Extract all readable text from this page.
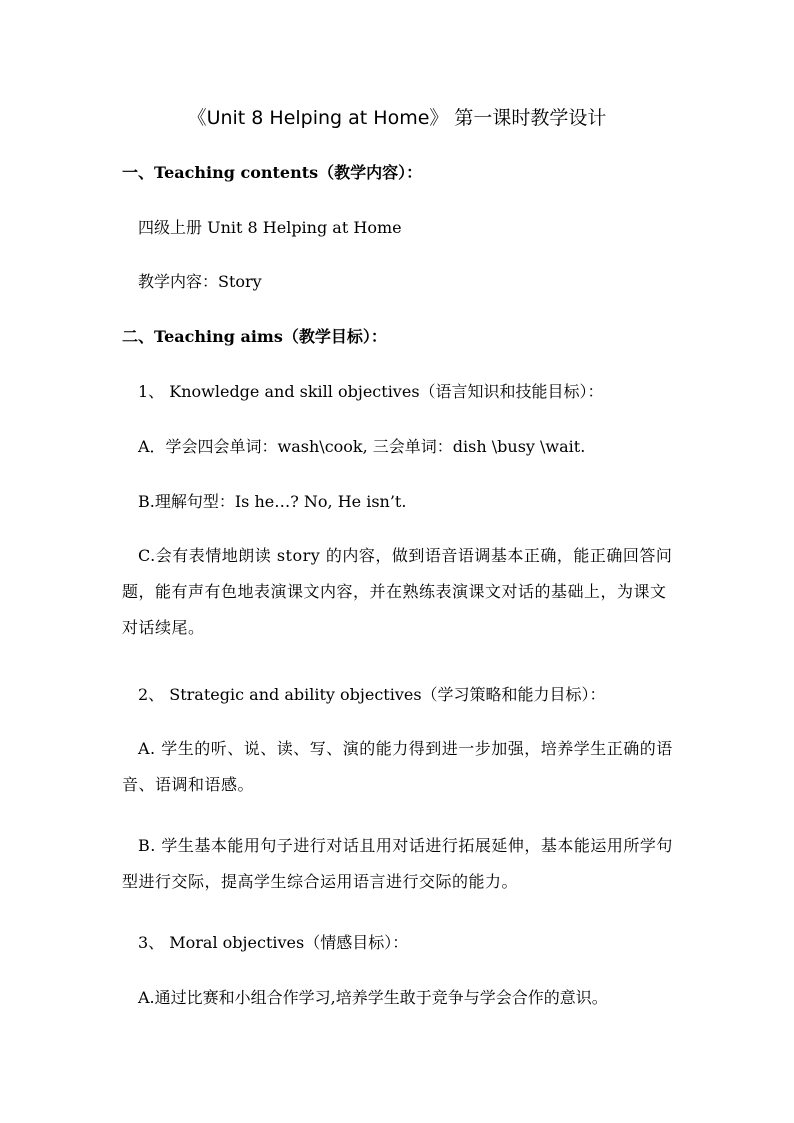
《Unit 8 Helping at Home》 第一课时教学设计
一、Teaching contents（教学内容）：
四级上册 Unit 8 Helping at Home
教学内容：Story
二、Teaching aims（教学目标）：
1、 Knowledge and skill objectives（语言知识和技能目标）：
A．学会四会单词：wash\cook, 三会单词：dish \busy \wait.
B.理解句型：Is he…? No, He isn’t.
C.会有表情地朗读 story 的内容，做到语音语调基本正确，能正确回答问题，能有声有色地表演课文内容，并在熟练表演课文对话的基础上，为课文对话续尾。
2、 Strategic and ability objectives（学习策略和能力目标）：
A. 学生的听、说、读、写、演的能力得到进一步加强，培养学生正确的语音、语调和语感。
B. 学生基本能用句子进行对话且用对话进行拓展延伸，基本能运用所学句型进行交际，提高学生综合运用语言进行交际的能力。
3、 Moral objectives（情感目标）：
A.通过比赛和小组合作学习,培养学生敢于竞争与学会合作的意识。
